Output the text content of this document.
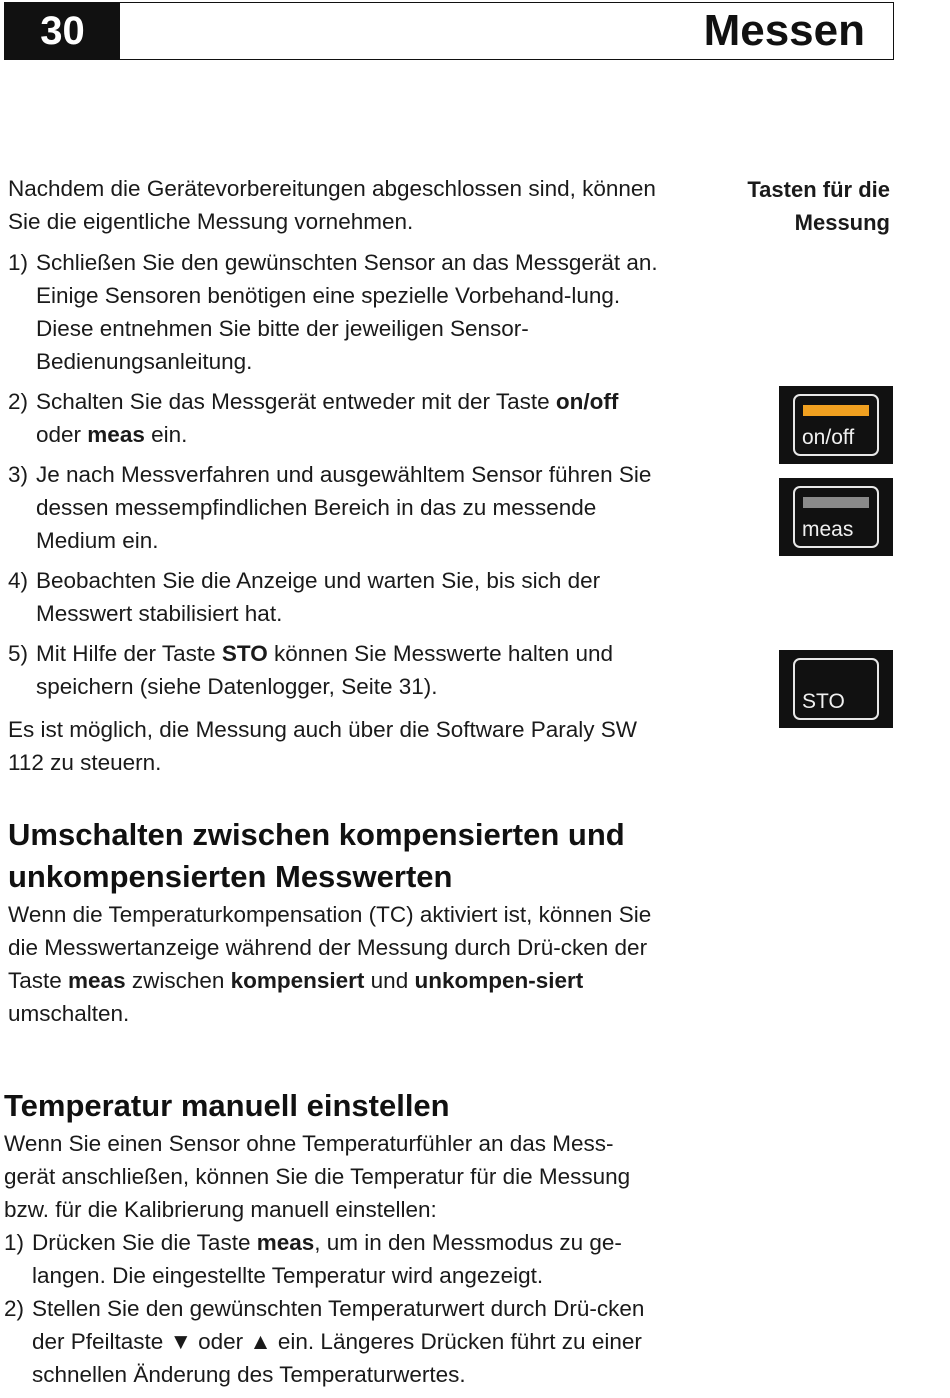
30	Messen
Tasten für die
Messung
on/off
meas
STO

Nachdem die Gerätevorbereitungen abgeschlossen sind, können Sie die eigentliche Messung vornehmen.

1) Schließen Sie den gewünschten Sensor an das Messgerät an. Einige Sensoren benötigen eine spezielle Vorbehand-lung. Diese entnehmen Sie bitte der jeweiligen Sensor-Bedienungsanleitung.
2) Schalten Sie das Messgerät entweder mit der Taste on/off oder meas ein.
3) Je nach Messverfahren und ausgewähltem Sensor führen Sie dessen messempfindlichen Bereich in das zu messende Medium ein.
4) Beobachten Sie die Anzeige und warten Sie, bis sich der Messwert stabilisiert hat.
5) Mit Hilfe der Taste STO können Sie Messwerte halten und speichern (siehe Datenlogger, Seite 31).

Es ist möglich, die Messung auch über die Software Paraly SW 112 zu steuern.

Umschalten zwischen kompensierten und unkompensierten Messwerten

Wenn die Temperaturkompensation (TC) aktiviert ist, können Sie die Messwertanzeige während der Messung durch Drü-cken der Taste meas zwischen kompensiert und unkompen-siert umschalten.

Temperatur manuell einstellen

Wenn Sie einen Sensor ohne Temperaturfühler an das Mess-gerät anschließen, können Sie die Temperatur für die Messung bzw. für die Kalibrierung manuell einstellen:

1) Drücken Sie die Taste meas, um in den Messmodus zu ge-langen. Die eingestellte Temperatur wird angezeigt.
2) Stellen Sie den gewünschten Temperaturwert durch Drü-cken der Pfeiltaste ▼ oder ▲ ein. Längeres Drücken führt zu einer schnellen Änderung des Temperaturwertes.
